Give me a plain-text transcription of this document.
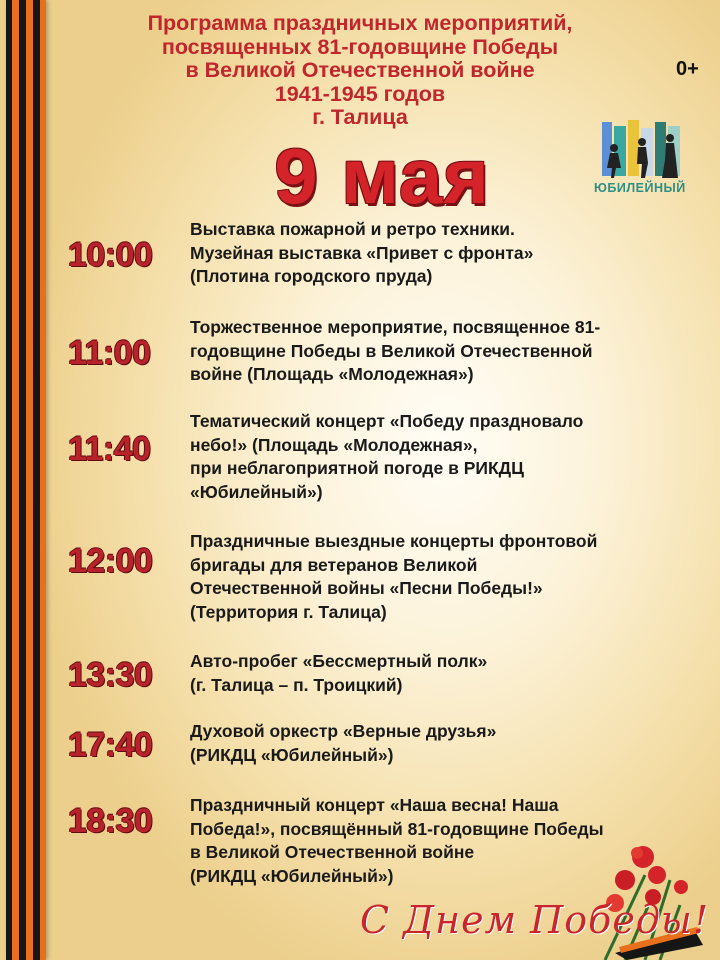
Программа праздничных мероприятий,
посвященных 81-годовщине Победы
в Великой Отечественной войне
1941-1945 годов
г. Талица
0+
9 мая	ЮБИЛЕЙНЫЙ
10:00
Выставка пожарной и ретро техники.
Музейная выставка «Привет с фронта»
(Плотина городского пруда)
11:00
Торжественное мероприятие, посвященное 81-
годовщине Победы в Великой Отечественной
войне (Площадь «Молодежная»)
11:40
Тематический концерт «Победу праздновало
небо!» (Площадь «Молодежная»,
при неблагоприятной погоде в РИКДЦ
«Юбилейный»)
12:00
Праздничные выездные концерты фронтовой
бригады для ветеранов Великой
Отечественной войны «Песни Победы!»
(Территория г. Талица)
13:30 Авто-пробег «Бессмертный полк»
(г. Талица – п. Троицкий)
17:40 Духовой оркестр «Верные друзья»
(РИКДЦ «Юбилейный»)
18:30 Праздничный концерт «Наша весна! Наша
Победа!», посвящённый 81-годовщине Победы
в Великой Отечественной войне
(РИКДЦ «Юбилейный»)
С Днем Победы!
